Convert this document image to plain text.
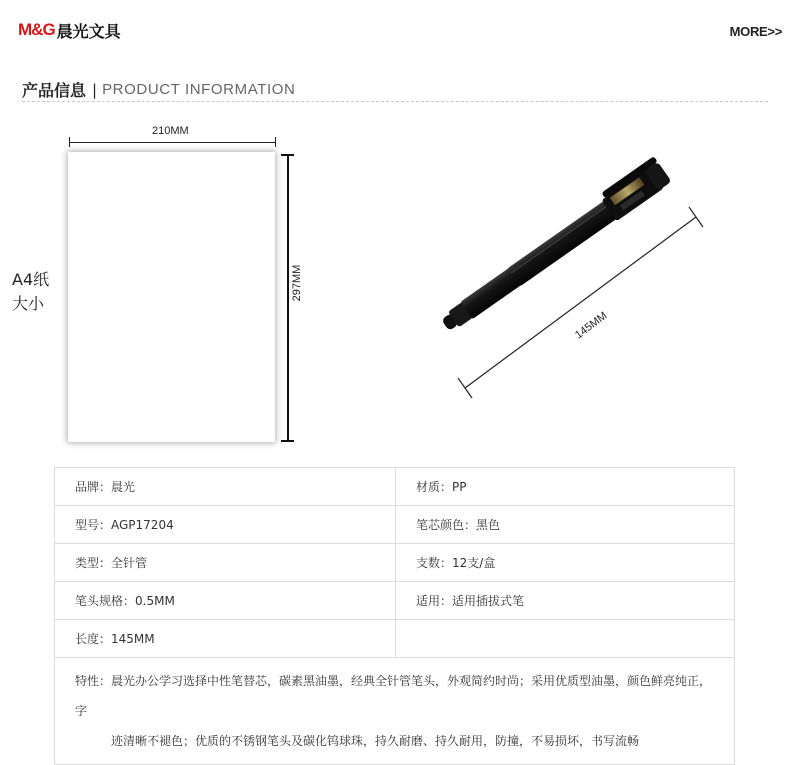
M&G 晨光文具	MORE>>
产品信息 | PRODUCT INFORMATION
A4纸
大小
210MM
297MM
145MM
品牌：晨光	材质：PP
型号：AGP17204	笔芯颜色：黑色
类型：全针管	支数：12支/盒
笔头规格：0.5MM	适用：适用插拔式笔
长度：145MM	
特性：晨光办公学习选择中性笔替芯，碳素黑油墨，经典全针管笔头，外观简约时尚；采用优质型油墨，颜色鲜亮纯正，字
迹清晰不褪色；优质的不锈钢笔头及碳化钨球珠，持久耐磨、持久耐用，防撞，不易损坏，书写流畅	
